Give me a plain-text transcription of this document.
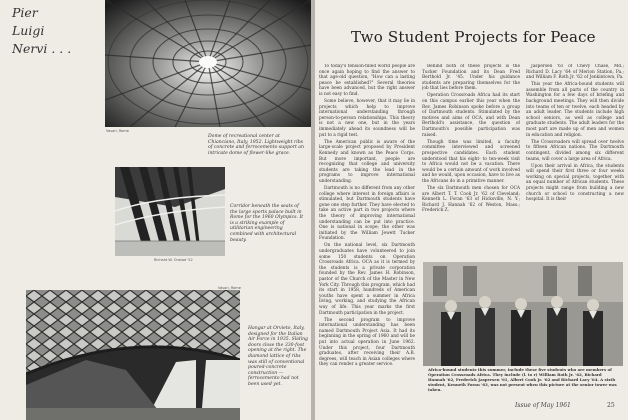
Pier
Luigi
Nervi . . .
Vasari, Rome
Dome of recreational center at Chianciano, Italy, 1952. Lightweight ribs of concrete and ferrocemento support an intricate dome of flower-like grace.
Richard W. Onstad '52
Corridor beneath the seats of the large sports palace built in Rome for the 1960 Olympics. It is a striking example of utilitarian engineering combined with architectural beauty.
Vasari, Rome
Hangar at Orvieto, Italy, designed for the Italian Air Force in 1935. Sliding doors close the 330-foot opening at the right. The diamond lattice of ribs was still of conventional poured-concrete construction — ferrocemento had not been used yet.
Two Student Projects for Peace

To today's tension-filled world people are once again hoping to find the answer to that age-old question, "How can a lasting peace be established?" Several theories have been advanced, but the right answer is not easy to find.

Some believe, however, that it may lie in projects which help to improve international understanding through person-to-person relationships. This theory is not a new one, but in the years immediately ahead its soundness will be put to a rigid test.

The American public is aware of the large-scale project proposed by President Kennedy and known as the Peace Corps. But more important, people are recognizing that college and university students are taking the lead in the programs to improve international understanding.

Dartmouth is no different from any other college where interest in foreign affairs is stimulated, but Dartmouth students have gone one step further. They have elected to take an active part in two projects where the theory of improving international understanding can be put into practice. One is national in scope; the other was initiated by the William Jewett Tucker Foundation.

On the national level, six Dartmouth undergraduates have volunteered to join some 150 students on Operation Crossroads Africa. OCA as it is termed by the students is a private corporation founded by the Rev. James H. Robinson, pastor of the Church of the Master in New York City. Through this program, which had its start in 1958, hundreds of American youths have spent a summer in Africa living, working, and studying the African way of life. This year marks the first Dartmouth participation in the project.

The second program to improve international understanding has been named Dartmouth Project Asia. It had its beginning in the spring of 1960 and will be put into actual operation in June 1962. Under this project, four Dartmouth graduates, after receiving their A.B. degrees, will teach in Asian colleges where they can render a greater service.

Behind both of these projects is the Tucker Foundation and its Dean Fred Berthold Jr. '45. Under his guidance students are preparing themselves for the job that lies before them.

Operation Crossroads Africa had its start on this campus earlier this year when the Rev. James Robinson spoke before a group of Dartmouth students. Stimulated by the motives and aims of OCA, and with Dean Berthold's assistance, the question of Dartmouth's possible participation was raised.

Though time was limited, a faculty committee interviewed and screened prospective candidates. Each student understood that his eight- to ten-week visit to Africa would not be a vacation. There would be a certain amount of work involved and he would, upon occasion, have to live as the Africans do in a primitive manner.

The six Dartmouth men chosen for OCA are Albert T. T. Cook Jr. '62 of Cleveland; Kenneth L. Foran '63 of Hicksville, N. Y.; Richard J. Hannah '62 of Weston, Mass.; Frederick Z.

Jaspersen '61 of Chevy Chase, Md.; Richard D. Lacy '64 of Merion Station, Pa.; and William F. Roth Jr. '62 of Jenkintown, Pa.

This year the Africa-bound students will assemble from all parts of the country in Washington for a few days of briefing and background meetings. They will then divide into teams of ten or twelve, each headed by an adult leader. The students include high school seniors, as well as college and graduate students. The adult leaders for the most part are made up of men and women in education and religion.

The Crossroaders will spread over twelve to fifteen African nations. The Dartmouth contingent, divided among six different teams, will cover a large area of Africa.

Upon their arrival in Africa, the students will spend their first three or four weeks working on special projects, together with an equal number of African students. These projects might range from building a new church or school to constructing a new hospital. It is their

Africa-bound students this summer, include these five students who are members of Operation Crossroads Africa. They include (l. to r) William Roth Jr. '62, Richard Hannah '62, Frederick Jaspersen '61, Albert Cook Jr. '62 and Richard Lacy '64. A sixth student, Kenneth Foran '63, was not present when this picture at the senior tower was taken.
Issue of May 1961	25
